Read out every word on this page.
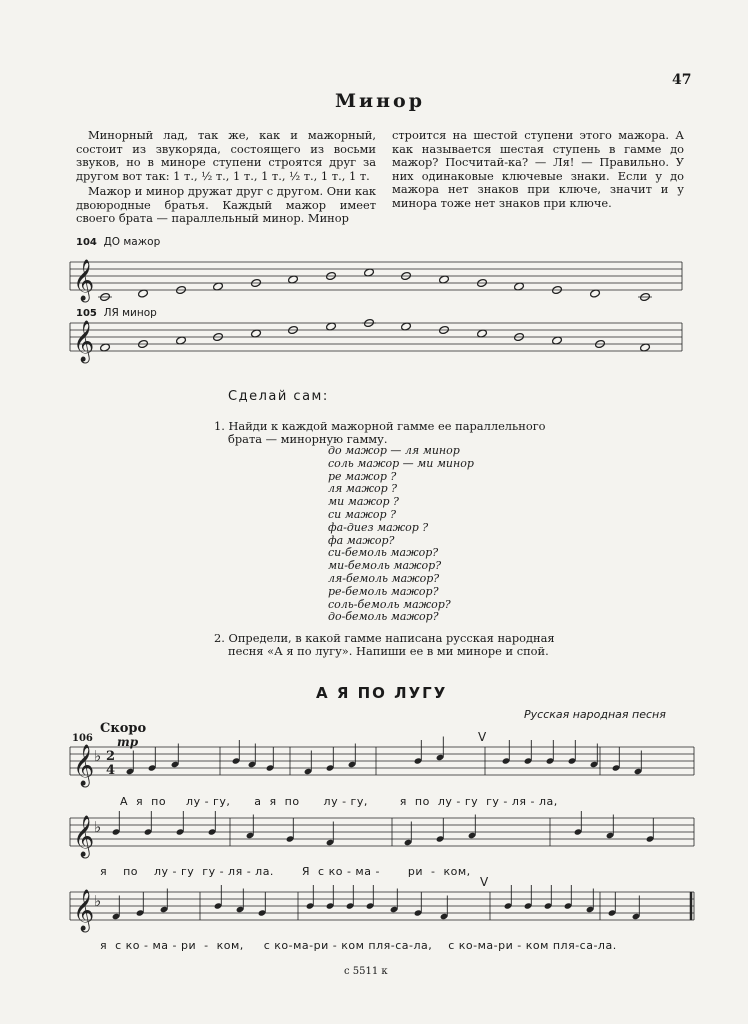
47
Минор

Минорный лад, так же, как и мажорный, состоит из звукоряда, состоящего из восьми звуков, но в миноре ступени строятся друг за другом вот так: 1 т., ½ т., 1 т., 1 т., ½ т., 1 т., 1 т.

Мажор и минор дружат друг с другом. Они как двоюродные братья. Каждый мажор имеет своего брата — параллельный минор. Минор

строится на шестой ступени этого мажора. А как называется шестая ступень в гамме до мажор? Посчитай-ка? — Ля! — Правильно. У них одинаковые ключевые знаки. Если у до мажора нет знаков при ключе, значит и у минора тоже нет знаков при ключе.

104 ДО мажор
105 ЛЯ минор
𝄞
𝄞
𝄞
𝄞
𝄞
♭
♭
♭
2
4
V
V
Сделай сам:
1. Найди к каждой мажорной гамме ее параллельного
брата — минорную гамму.
до мажор — ля минор
соль мажор — ми минор
ре мажор ?
ля мажор ?
ми мажор ?
си мажор ?
фа-диез мажор ?
фа мажор?
си-бемоль мажор?
ми-бемоль мажор?
ля-бемоль мажор?
ре-бемоль мажор?
соль-бемоль мажор?
до-бемоль мажор?
2. Определи, в какой гамме написана русская народная
песня «А я по лугу». Напиши ее в ми миноре и спой.
А Я ПО ЛУГУ
Русская народная песня
106
Скоро
mp
А  я  по     лу - гу,      а  я  по      лу - гу,        я  по  лу - гу  гу - ля - ла,
я    по    лу - гу  гу - ля - ла.       Я  с ко - ма -       ри  -  ком,
я  с ко - ма - ри  -  ком,     с ко-ма-ри - ком пля-са-ла,    с ко-ма-ри - ком пля-са-ла.
с 5511 к
